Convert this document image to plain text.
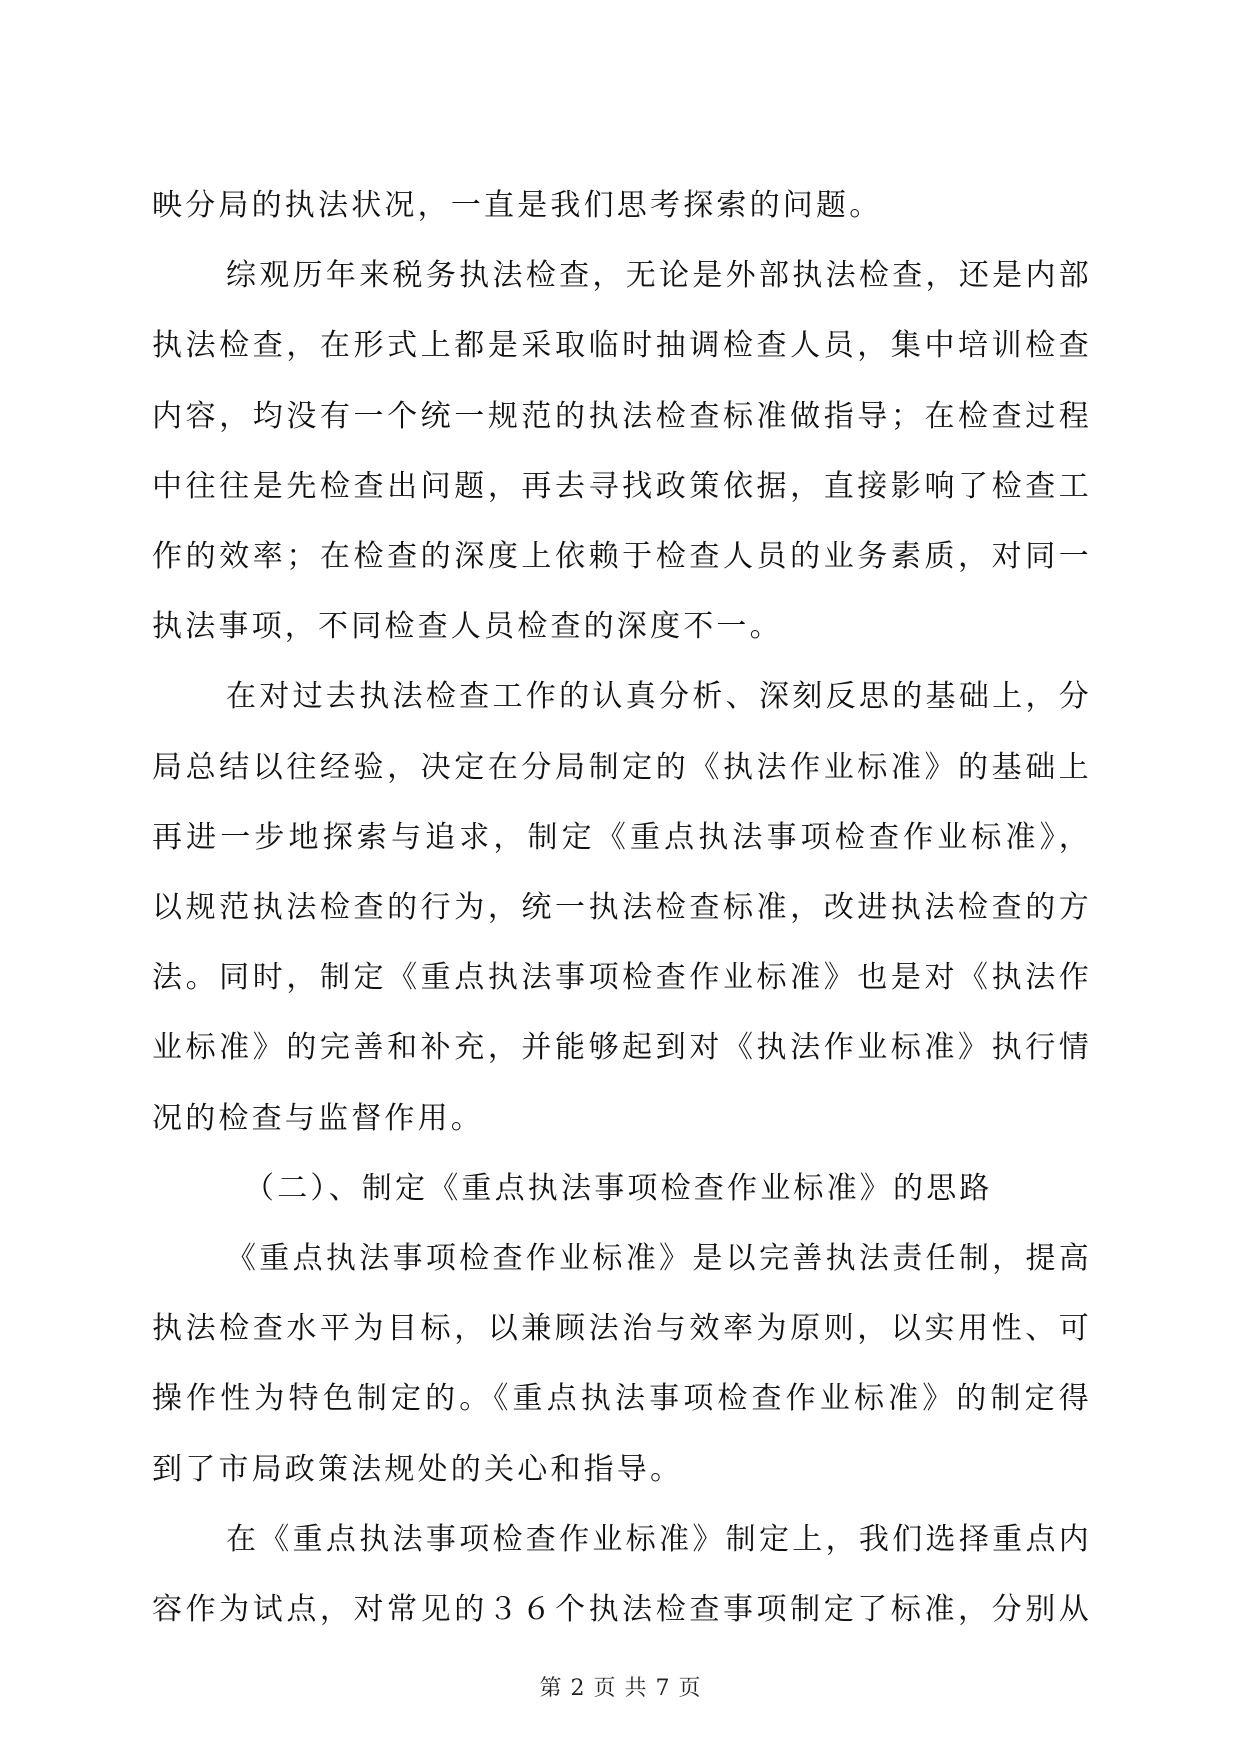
映分局的执法状况，一直是我们思考探索的问题。
综观历年来税务执法检查，无论是外部执法检查，还是内部
执法检查，在形式上都是采取临时抽调检查人员，集中培训检查
内容，均没有一个统一规范的执法检查标准做指导；在检查过程
中往往是先检查出问题，再去寻找政策依据，直接影响了检查工
作的效率；在检查的深度上依赖于检查人员的业务素质，对同一
执法事项，不同检查人员检查的深度不一。
在对过去执法检查工作的认真分析、深刻反思的基础上，分
局总结以往经验，决定在分局制定的《执法作业标准》的基础上
再进一步地探索与追求，制定《重点执法事项检查作业标准》，
以规范执法检查的行为，统一执法检查标准，改进执法检查的方
法。同时，制定《重点执法事项检查作业标准》也是对《执法作
业标准》的完善和补充，并能够起到对《执法作业标准》执行情
况的检查与监督作用。
（二）、制定《重点执法事项检查作业标准》的思路
《重点执法事项检查作业标准》是以完善执法责任制，提高
执法检查水平为目标，以兼顾法治与效率为原则，以实用性、可
操作性为特色制定的。《重点执法事项检查作业标准》的制定得
到了市局政策法规处的关心和指导。
在《重点执法事项检查作业标准》制定上，我们选择重点内
容作为试点，对常见的３６个执法检查事项制定了标准，分别从
第 2 页 共 7 页
